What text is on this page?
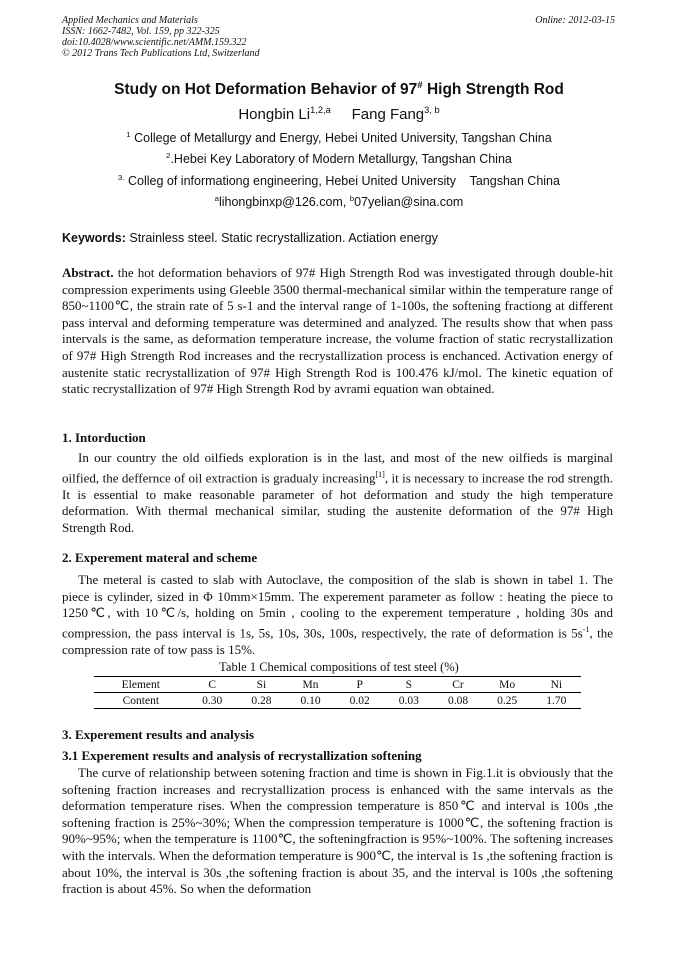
Applied Mechanics and Materials
ISSN: 1662-7482, Vol. 159, pp 322-325
doi:10.4028/www.scientific.net/AMM.159.322
© 2012 Trans Tech Publications Ltd, Switzerland
Online: 2012-03-15
Study on Hot Deformation Behavior of 97# High Strength Rod
Hongbin Li$^{1,2,a}$ Fang Fang$^{3, b}$
$^1$ College of Metallurgy and Energy, Hebei United University, Tangshan China
$^2$.Hebei Key Laboratory of Modern Metallurgy, Tangshan China
$^{3.}$ Colleg of informationg engineering, Hebei United University    Tangshan China
$^a$lihongbinxp@126.com, $^b$07yelian@sina.com
Keywords: Strainless steel. Static recrystallization. Actiation energy
Abstract. the hot deformation behaviors of 97# High Strength Rod was investigated through double-hit compression experiments using Gleeble 3500 thermal-mechanical similar within the temperature range of 850~1100℃, the strain rate of 5 s-1 and the interval range of 1-100s, the softening fractiong at different pass interval and deforming temperature was determined and analyzed. The results show that when pass intervals is the same, as deformation temperature increase, the volume fraction of static recrystallization of 97# High Strength Rod increases and the recrystallization process is enchanced. Activation energy of austenite static recrystallization of 97# High Strength Rod is 100.476 kJ/mol. The kinetic equation of static recrystallization of 97# High Strength Rod by avrami equation wan obtained.
1. Intorduction
In our country the old oilfieds exploration is in the last, and most of the new oilfieds is marginal oilfied, the deffernce of oil extraction is gradualy increasing[1], it is necessary to increase the rod strength. It is essential to make reasonable parameter of hot deformation and study the high temperature deformation. With thermal mechanical similar, studing the austenite deformation of the 97# High Strength Rod.
2. Experement materal and scheme
The meteral is casted to slab with Autoclave, the composition of the slab is shown in tabel 1. The piece is cylinder, sized in Φ 10mm×15mm. The experement parameter as follow : heating the piece to 1250℃, with 10℃/s, holding on 5min , cooling to the experement temperature , holding 30s and compression, the pass interval is 1s, 5s, 10s, 30s, 100s, respectively, the rate of deformation is $5s^{-1}$, the compression rate of tow pass is 15%.
Table 1 Chemical compositions of test steel (%)
Element	C	Si	Mn	P	S	Cr	Mo	Ni
Content	0.30	0.28	0.10	0.02	0.03	0.08	0.25	1.70
3. Experement results and analysis
3.1 Experement results and analysis of recrystallization softening
The curve of relationship between sotening fraction and time is shown in Fig.1.it is obviously that the softening fraction increases and recrystallization process is enhanced with the same intervals as the deformation temperature rises. When the compression temperature is 850℃ and interval is 100s ,the softening fraction is 25%~30%; When the compression temperature is 1000℃, the softening fraction is 90%~95%; when the temperature is 1100℃, the softeningfraction is 95%~100%. The softening increases with the intervals. When the deformation temperature is 900℃, the interval is 1s ,the softening fraction is about 10%, the interval is 30s ,the softening fraction is about 35, and the interval is 100s ,the softening fraction is about 45%. So when the deformation
